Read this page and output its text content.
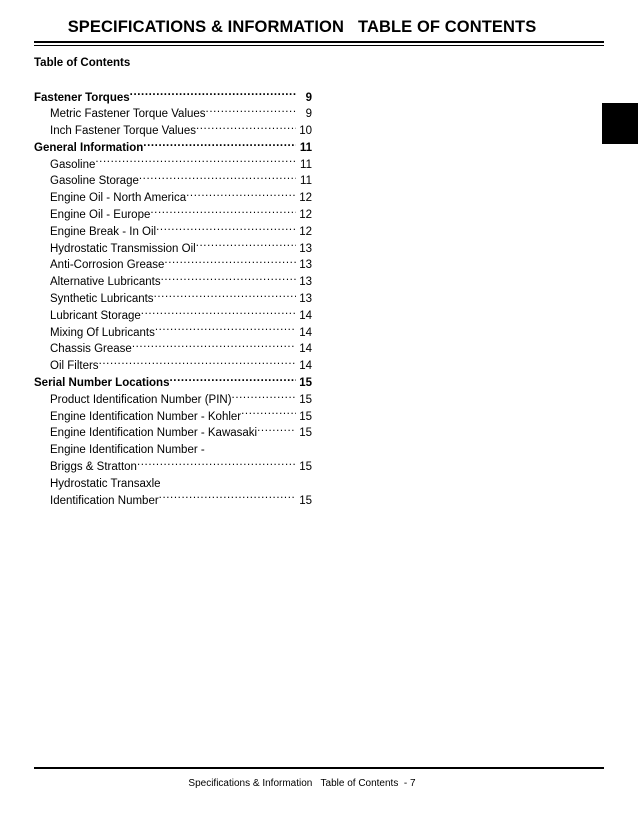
SPECIFICATIONS & INFORMATION   TABLE OF CONTENTS
Table of Contents
Fastener Torques .....	9
Metric Fastener Torque Values .....	9
Inch Fastener Torque Values .....	10
General Information .....	11
Gasoline .....	11
Gasoline Storage .....	11
Engine Oil - North America .....	12
Engine Oil - Europe .....	12
Engine Break - In Oil .....	12
Hydrostatic Transmission Oil .....	13
Anti-Corrosion Grease .....	13
Alternative Lubricants .....	13
Synthetic Lubricants .....	13
Lubricant Storage .....	14
Mixing Of Lubricants .....	14
Chassis Grease .....	14
Oil Filters .....	14
Serial Number Locations .....	15
Product Identification Number (PIN) .....	15
Engine Identification Number - Kohler .....	15
Engine Identification Number - Kawasaki .....	15
Engine Identification Number -
Briggs & Stratton .....	15
Hydrostatic Transaxle
Identification Number .....	15
Specifications & Information   Table of Contents  - 7
